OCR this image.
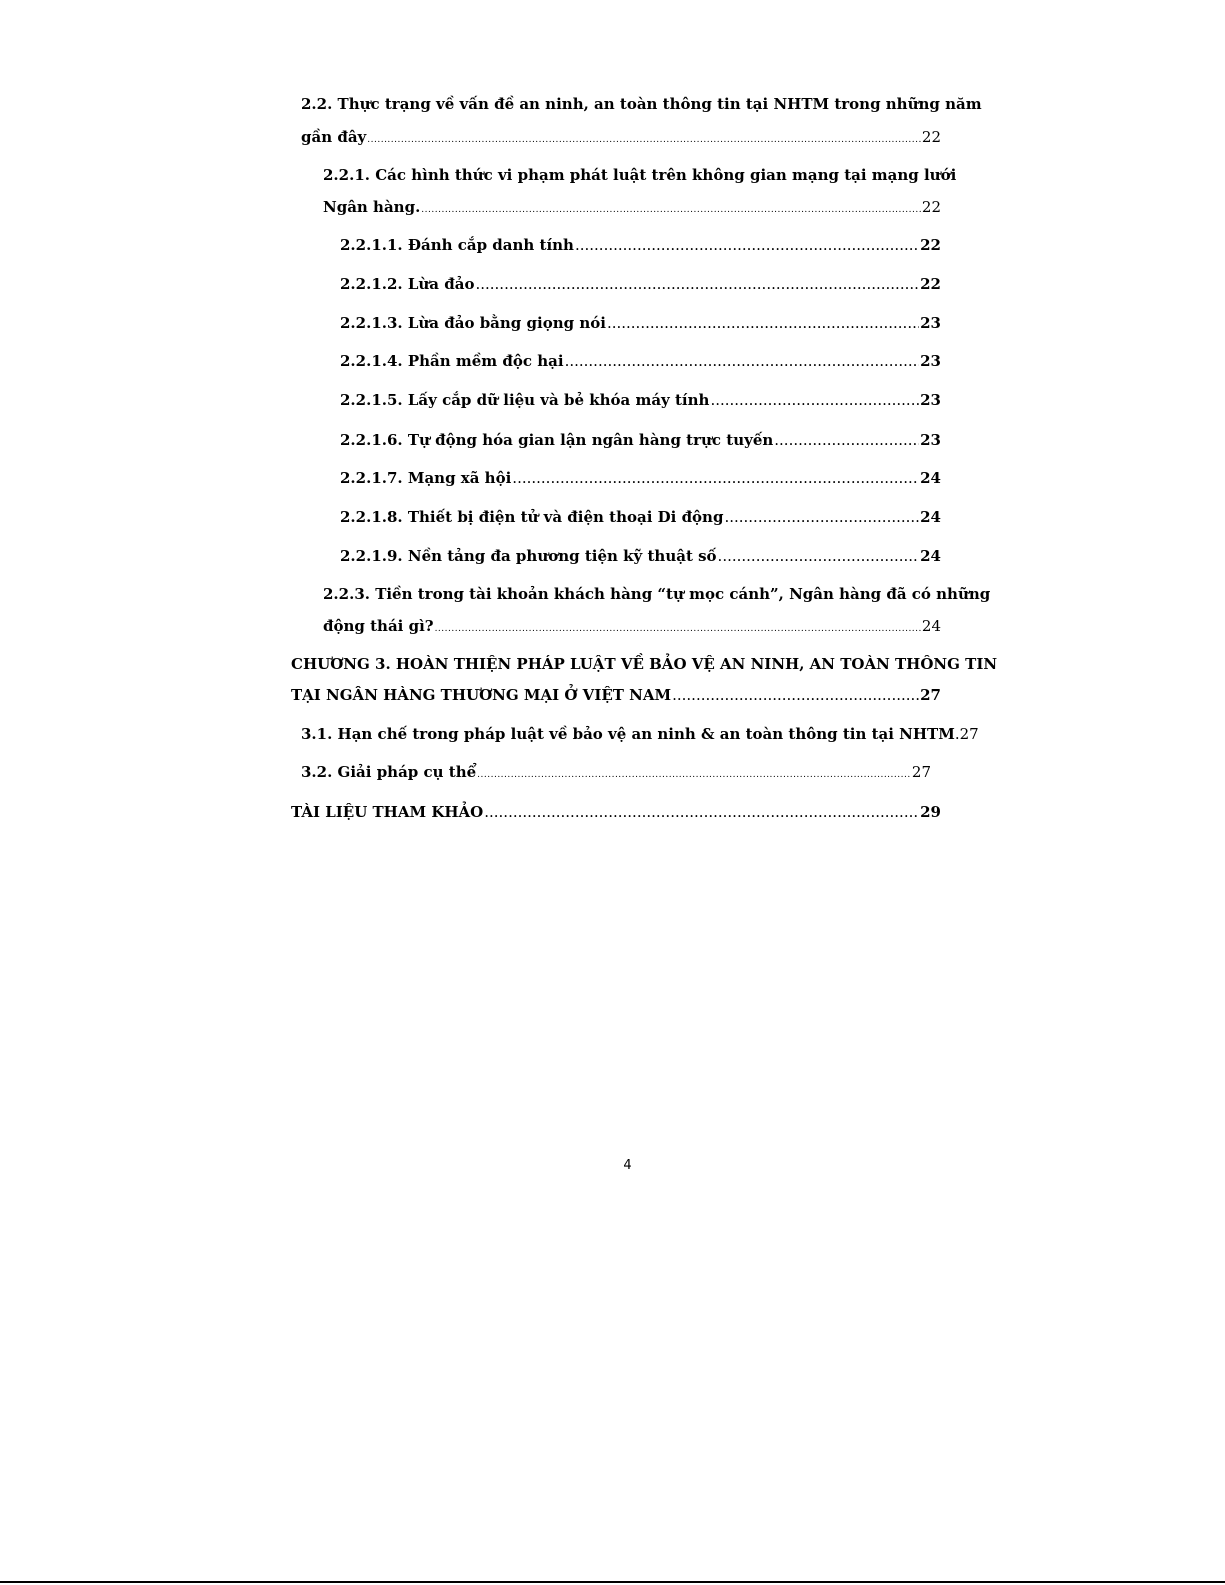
2.2. Thực trạng về vấn đề an ninh, an toàn thông tin tại NHTM trong những năm
gần đây .....	22
2.2.1. Các hình thức vi phạm phát luật trên không gian mạng tại mạng lưới
Ngân hàng. .....	22
2.2.1.1. Đánh cắp danh tính .....	22
2.2.1.2. Lừa đảo .....	22
2.2.1.3. Lừa đảo bằng giọng nói .....	23
2.2.1.4. Phần mềm độc hại .....	23
2.2.1.5. Lấy cắp dữ liệu và bẻ khóa máy tính .....	23
2.2.1.6. Tự động hóa gian lận ngân hàng trực tuyến .....	23
2.2.1.7. Mạng xã hội .....	24
2.2.1.8. Thiết bị điện tử và điện thoại Di động .....	24
2.2.1.9. Nền tảng đa phương tiện kỹ thuật số .....	24
2.2.3. Tiền trong tài khoản khách hàng “tự mọc cánh”, Ngân hàng đã có những
động thái gì? .....	24
CHƯƠNG 3. HOÀN THIỆN PHÁP LUẬT VỀ BẢO VỆ AN NINH, AN TOÀN THÔNG TIN
TẠI NGÂN HÀNG THƯƠNG MẠI Ở VIỆT NAM .....	27
3.1. Hạn chế trong pháp luật về bảo vệ an ninh & an toàn thông tin tại NHTM .27
3.2. Giải pháp cụ thể .....	27
TÀI LIỆU THAM KHẢO .....	29
4
